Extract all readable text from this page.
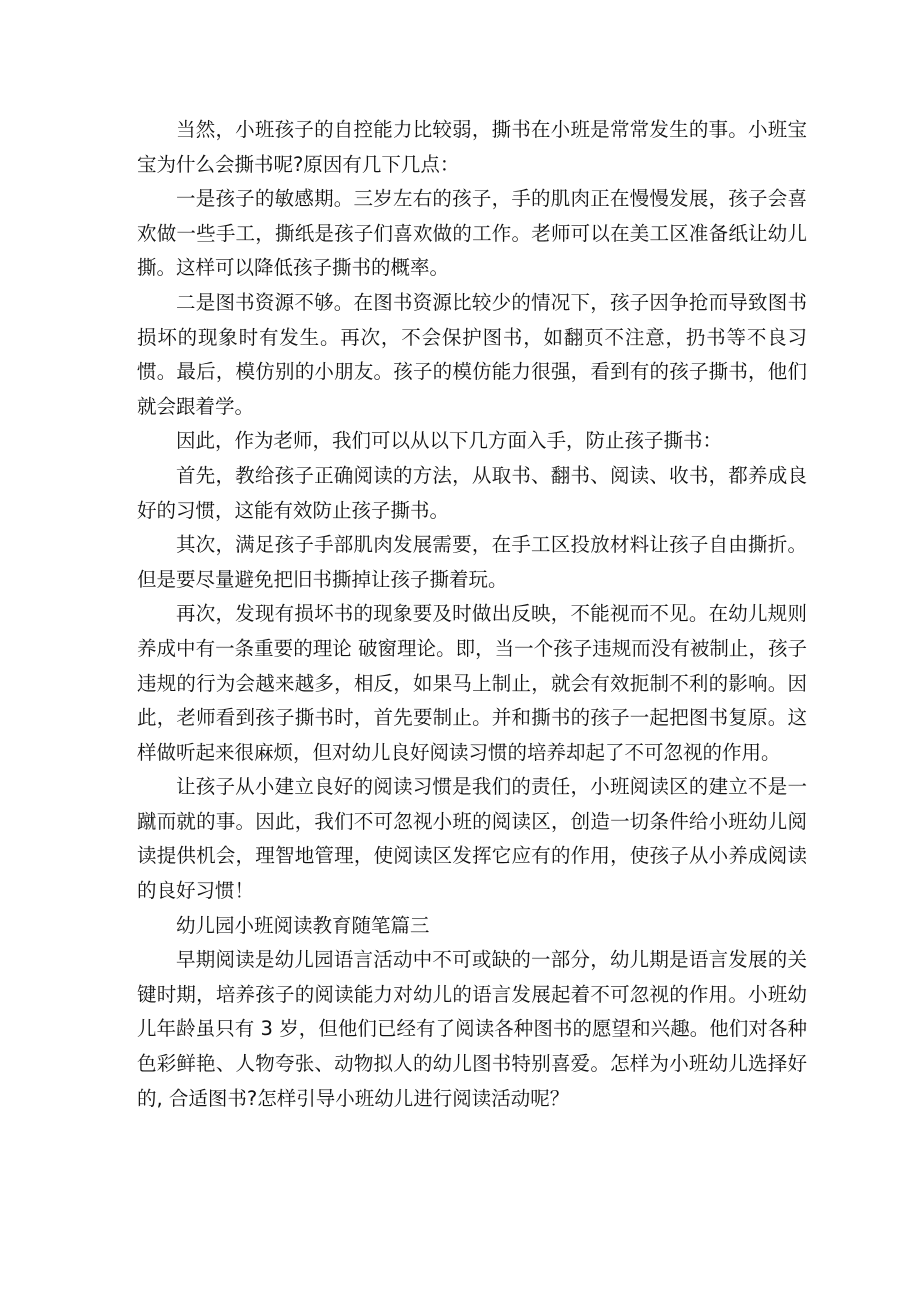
当然，小班孩子的自控能力比较弱，撕书在小班是常常发生的事。小班宝宝为什么会撕书呢?原因有几下几点：

一是孩子的敏感期。三岁左右的孩子，手的肌肉正在慢慢发展，孩子会喜欢做一些手工，撕纸是孩子们喜欢做的工作。老师可以在美工区准备纸让幼儿撕。这样可以降低孩子撕书的概率。

二是图书资源不够。在图书资源比较少的情况下，孩子因争抢而导致图书损坏的现象时有发生。再次，不会保护图书，如翻页不注意，扔书等不良习惯。最后，模仿别的小朋友。孩子的模仿能力很强，看到有的孩子撕书，他们就会跟着学。

因此，作为老师，我们可以从以下几方面入手，防止孩子撕书：

首先，教给孩子正确阅读的方法，从取书、翻书、阅读、收书，都养成良好的习惯，这能有效防止孩子撕书。

其次，满足孩子手部肌肉发展需要，在手工区投放材料让孩子自由撕折。但是要尽量避免把旧书撕掉让孩子撕着玩。

再次，发现有损坏书的现象要及时做出反映，不能视而不见。在幼儿规则养成中有一条重要的理论 破窗理论。即，当一个孩子违规而没有被制止，孩子违规的行为会越来越多，相反，如果马上制止，就会有效扼制不利的影响。因此，老师看到孩子撕书时，首先要制止。并和撕书的孩子一起把图书复原。这样做听起来很麻烦，但对幼儿良好阅读习惯的培养却起了不可忽视的作用。

让孩子从小建立良好的阅读习惯是我们的责任，小班阅读区的建立不是一蹴而就的事。因此，我们不可忽视小班的阅读区，创造一切条件给小班幼儿阅读提供机会，理智地管理，使阅读区发挥它应有的作用，使孩子从小养成阅读的良好习惯！

幼儿园小班阅读教育随笔篇三

早期阅读是幼儿园语言活动中不可或缺的一部分，幼儿期是语言发展的关键时期，培养孩子的阅读能力对幼儿的语言发展起着不可忽视的作用。小班幼儿年龄虽只有 3 岁，但他们已经有了阅读各种图书的愿望和兴趣。他们对各种色彩鲜艳、人物夸张、动物拟人的幼儿图书特别喜爱。怎样为小班幼儿选择好的, 合适图书?怎样引导小班幼儿进行阅读活动呢？
